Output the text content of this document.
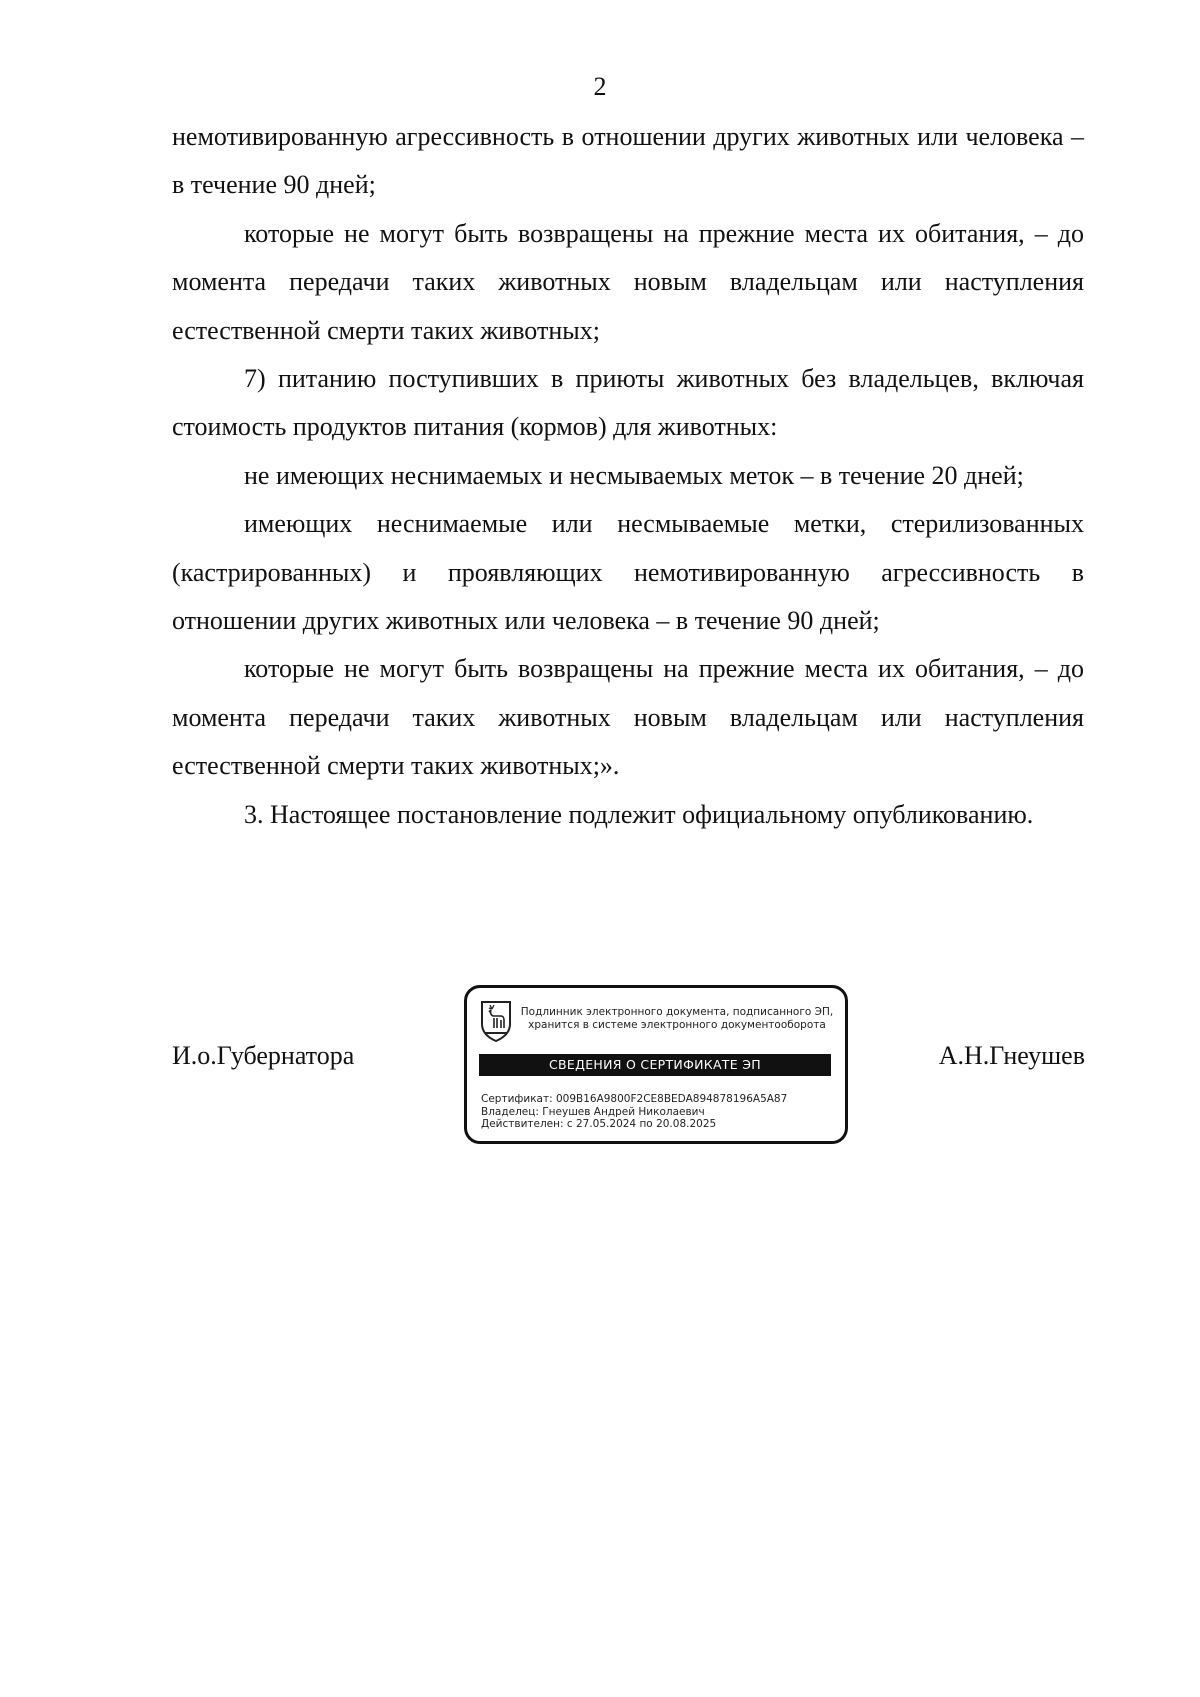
2

немотивированную агрессивность в отношении других животных или человека – в течение 90 дней;

которые не могут быть возвращены на прежние места их обитания, – до момента передачи таких животных новым владельцам или наступления естественной смерти таких животных;

7) питанию поступивших в приюты животных без владельцев, включая стоимость продуктов питания (кормов) для животных:

не имеющих неснимаемых и несмываемых меток – в течение 20 дней;

имеющих неснимаемые или несмываемые метки, стерилизованных (кастрированных) и проявляющих немотивированную агрессивность в отношении других животных или человека – в течение 90 дней;

которые не могут быть возвращены на прежние места их обитания, – до момента передачи таких животных новым владельцам или наступления естественной смерти таких животных;».

3. Настоящее постановление подлежит официальному опубликованию.

И.о.Губернатора	А.Н.Гнеушев
Подлинник электронного документа, подписанного ЭП,
хранится в системе электронного документооборота
СВЕДЕНИЯ О СЕРТИФИКАТЕ ЭП
Сертификат: 009B16A9800F2CE8BEDA894878196A5A87
Владелец: Гнеушев Андрей Николаевич
Действителен: с 27.05.2024 по 20.08.2025
